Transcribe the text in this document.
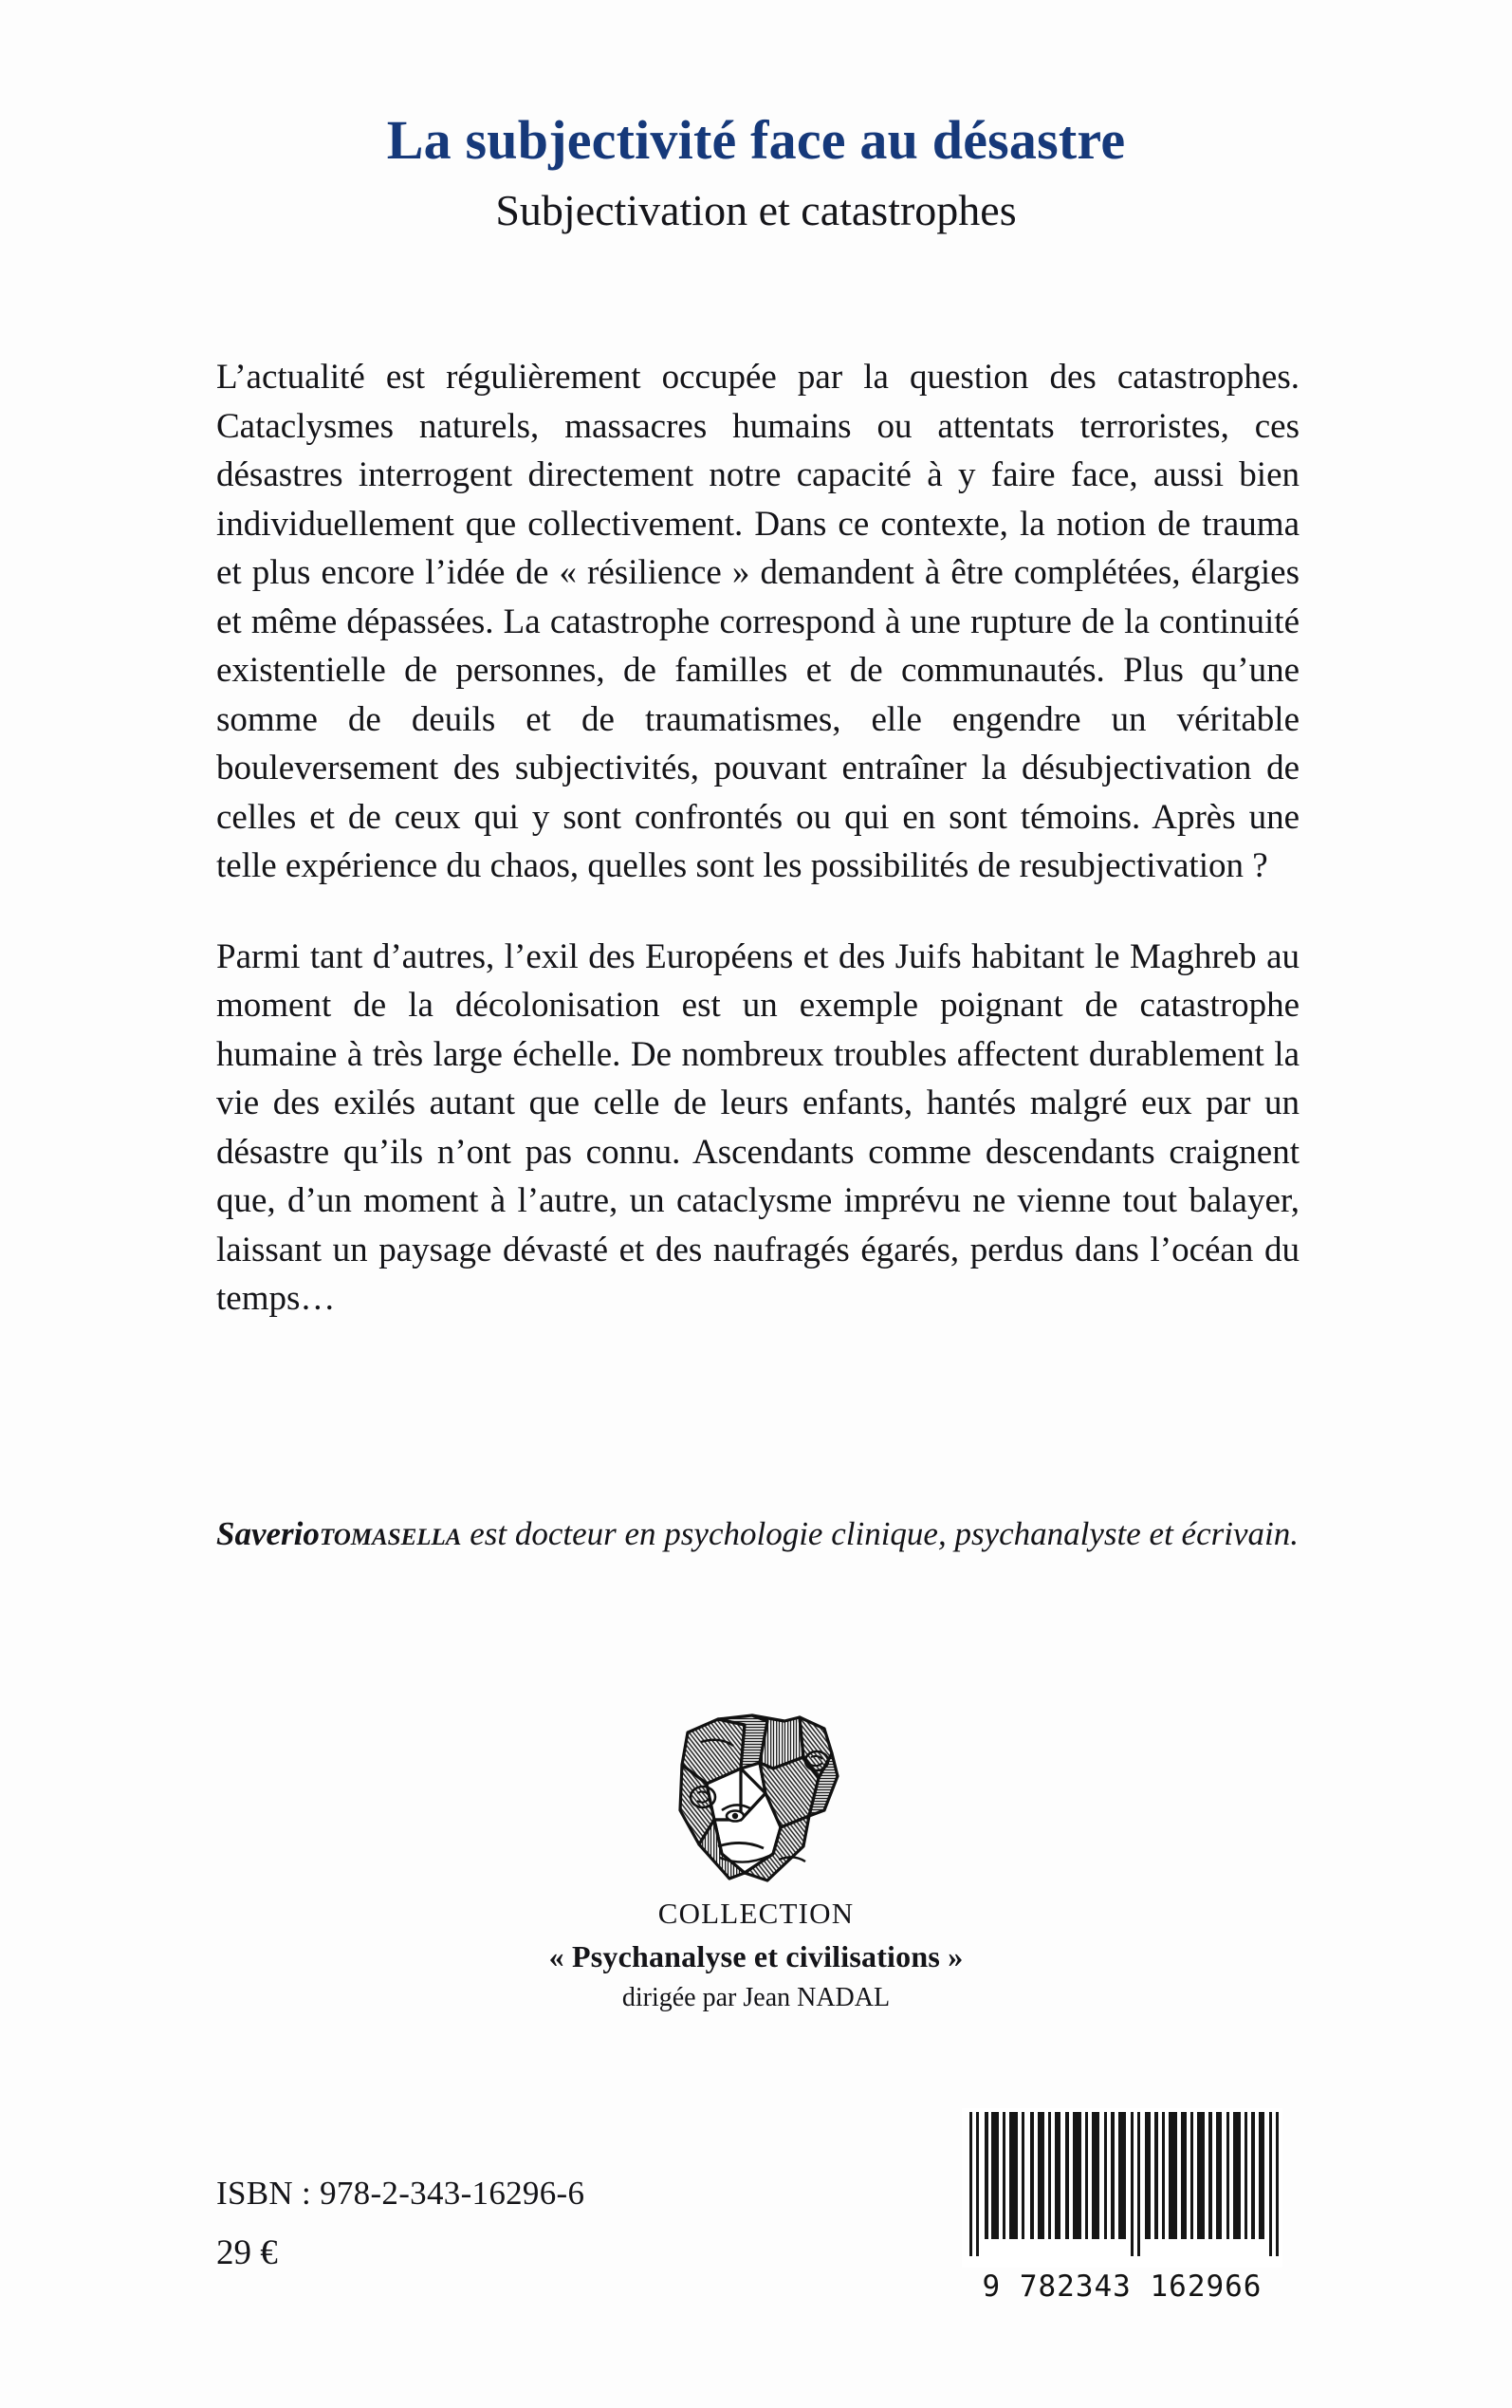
La subjectivité face au désastre
Subjectivation et catastrophes

L’actualité est régulièrement occupée par la question des catastrophes. Cataclysmes naturels, massacres humains ou attentats terroristes, ces désastres interrogent directement notre capacité à y faire face, aussi bien individuellement que collectivement. Dans ce contexte, la notion de trauma et plus encore l’idée de « résilience » demandent à être complétées, élargies et même dépassées. La catastrophe correspond à une rupture de la continuité existentielle de personnes, de familles et de communautés. Plus qu’une somme de deuils et de traumatismes, elle engendre un véritable bouleversement des subjectivités, pouvant entraîner la désubjectivation de celles et de ceux qui y sont confrontés ou qui en sont témoins. Après une telle expérience du chaos, quelles sont les possibilités de resubjectivation ?

Parmi tant d’autres, l’exil des Européens et des Juifs habitant le Maghreb au moment de la décolonisation est un exemple poignant de catastrophe humaine à très large échelle. De nombreux troubles affectent durablement la vie des exilés autant que celle de leurs enfants, hantés malgré eux par un désastre qu’ils n’ont pas connu. Ascendants comme descendants craignent que, d’un moment à l’autre, un cataclysme imprévu ne vienne tout balayer, laissant un paysage dévasté et des naufragés égarés, perdus dans l’océan du temps…

Saveriotomasella est docteur en psychologie clinique, psychanalyste et écrivain.
COLLECTION
« Psychanalyse et civilisations »
dirigée par Jean NADAL
ISBN : 978-2-343-16296-6
29 €
9 782343 162966
